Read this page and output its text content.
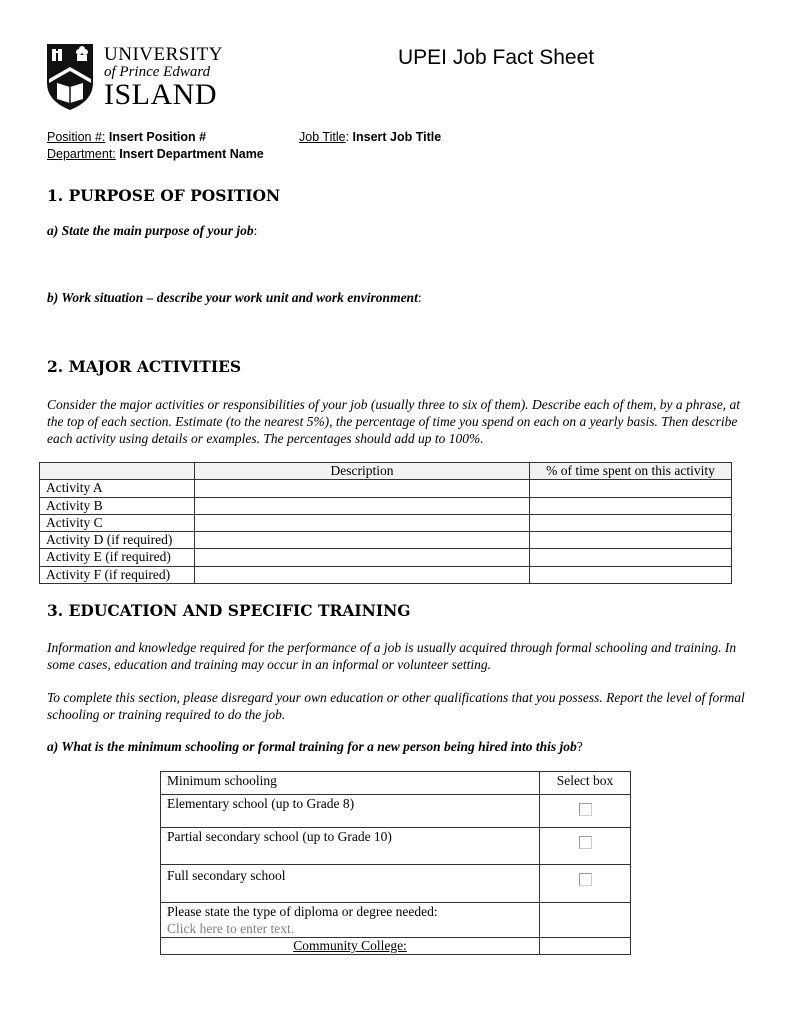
UNIVERSITY
of Prince Edward
ISLAND
UPEI Job Fact Sheet
Position #: Insert Position #	Job Title: Insert Job Title
Department: Insert Department Name
1. PURPOSE OF POSITION
a) State the main purpose of your job:
b) Work situation – describe your work unit and work environment:
2. MAJOR ACTIVITIES
Consider the major activities or responsibilities of your job (usually three to six of them). Describe each of them, by a phrase, at the top of each section. Estimate (to the nearest 5%), the percentage of time you spend on each on a yearly basis. Then describe each activity using details or examples. The percentages should add up to 100%.
	Description	% of time spent on this activity
Activity A		
Activity B		
Activity C		
Activity D (if required)		
Activity E (if required)		
Activity F (if required)		
3. EDUCATION AND SPECIFIC TRAINING
Information and knowledge required for the performance of a job is usually acquired through formal schooling and training. In some cases, education and training may occur in an informal or volunteer setting.
To complete this section, please disregard your own education or other qualifications that you possess. Report the level of formal schooling or training required to do the job.
a) What is the minimum schooling or formal training for a new person being hired into this job?
Minimum schooling	Select box
Elementary school (up to Grade 8)	
Partial secondary school (up to Grade 10)	
Full secondary school	

Please state the type of diploma or degree needed:
Click here to enter text.	

Community College:	
